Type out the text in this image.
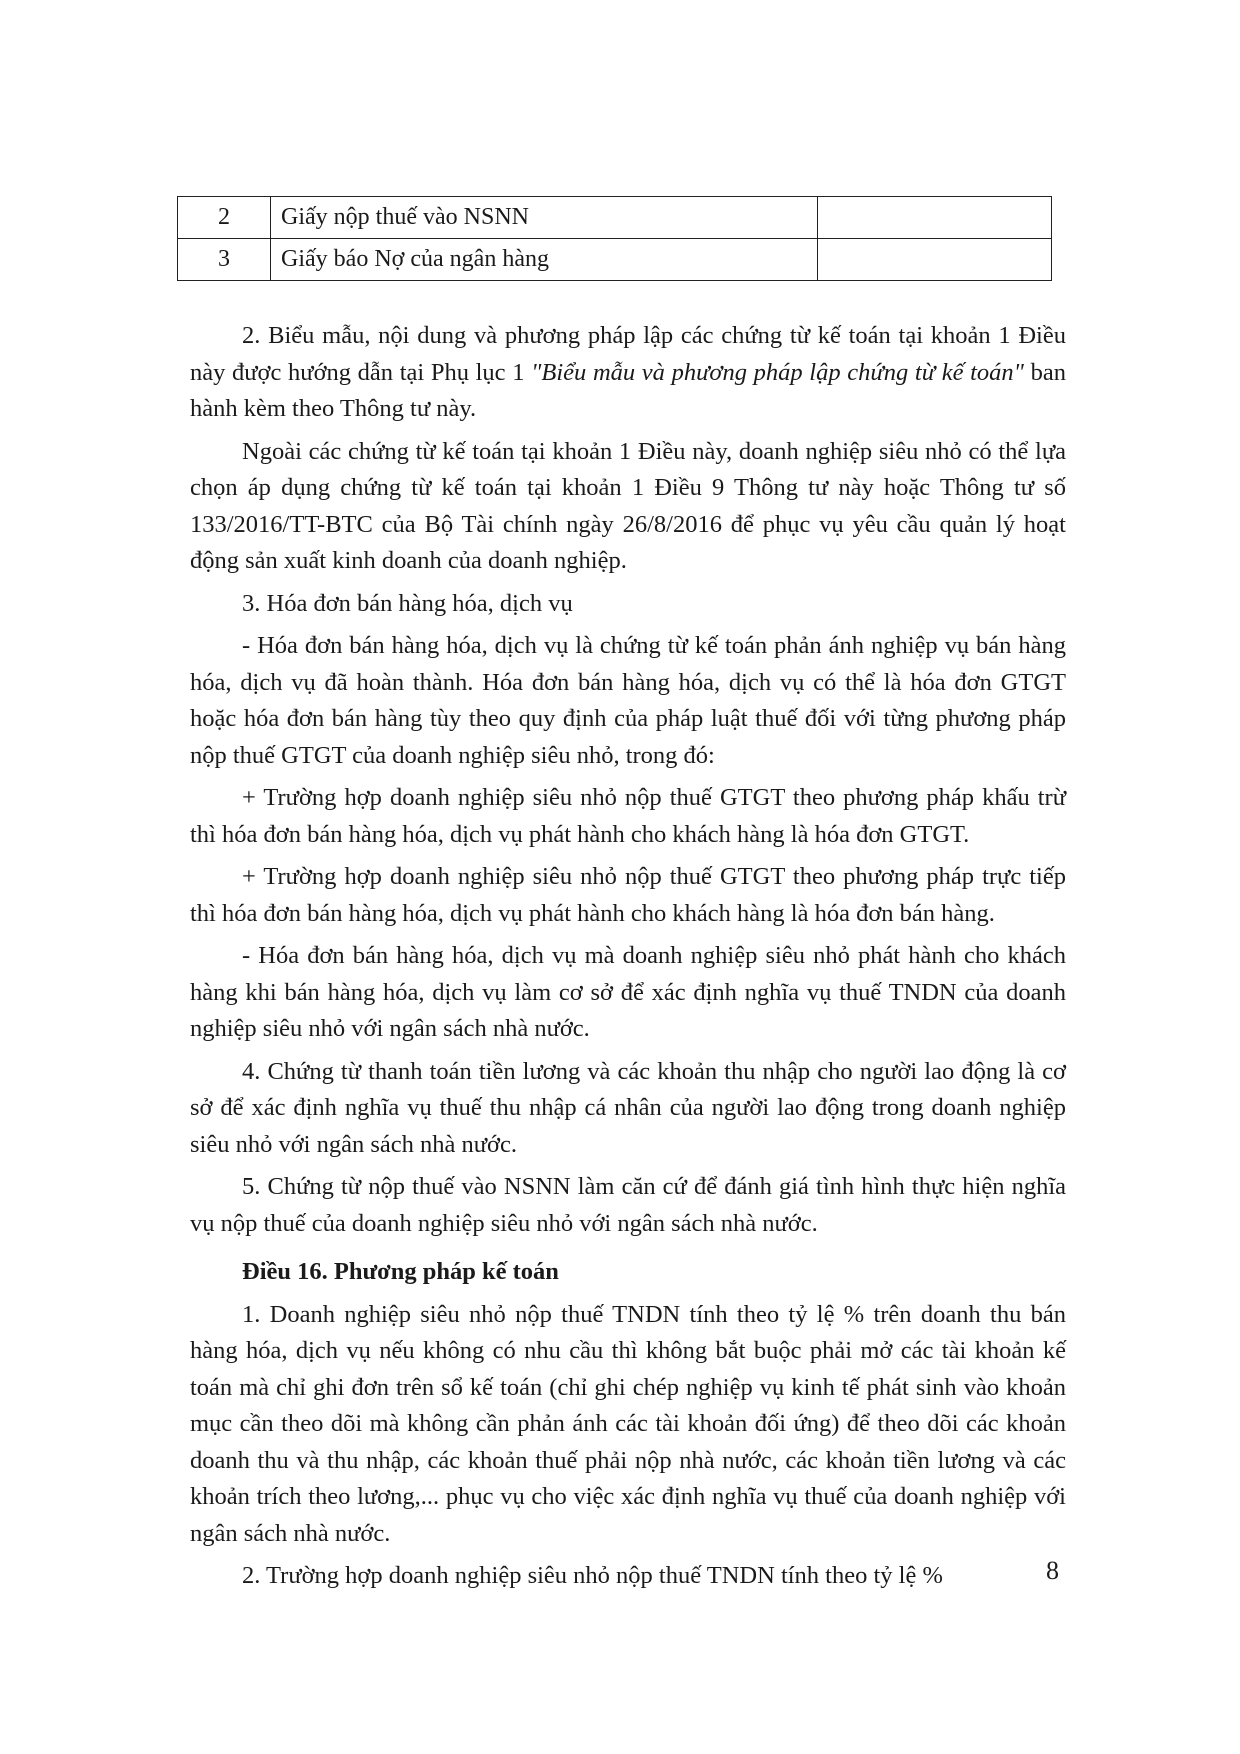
2	Giấy nộp thuế vào NSNN	
3	Giấy báo Nợ của ngân hàng	

2. Biểu mẫu, nội dung và phương pháp lập các chứng từ kế toán tại khoản 1 Điều này được hướng dẫn tại Phụ lục 1 "Biểu mẫu và phương pháp lập chứng từ kế toán" ban hành kèm theo Thông tư này.

Ngoài các chứng từ kế toán tại khoản 1 Điều này, doanh nghiệp siêu nhỏ có thể lựa chọn áp dụng chứng từ kế toán tại khoản 1 Điều 9 Thông tư này hoặc Thông tư số 133/2016/TT-BTC của Bộ Tài chính ngày 26/8/2016 để phục vụ yêu cầu quản lý hoạt động sản xuất kinh doanh của doanh nghiệp.

3. Hóa đơn bán hàng hóa, dịch vụ

- Hóa đơn bán hàng hóa, dịch vụ là chứng từ kế toán phản ánh nghiệp vụ bán hàng hóa, dịch vụ đã hoàn thành. Hóa đơn bán hàng hóa, dịch vụ có thể là hóa đơn GTGT hoặc hóa đơn bán hàng tùy theo quy định của pháp luật thuế đối với từng phương pháp nộp thuế GTGT của doanh nghiệp siêu nhỏ, trong đó:

+ Trường hợp doanh nghiệp siêu nhỏ nộp thuế GTGT theo phương pháp khấu trừ thì hóa đơn bán hàng hóa, dịch vụ phát hành cho khách hàng là hóa đơn GTGT.

+ Trường hợp doanh nghiệp siêu nhỏ nộp thuế GTGT theo phương pháp trực tiếp thì hóa đơn bán hàng hóa, dịch vụ phát hành cho khách hàng là hóa đơn bán hàng.

- Hóa đơn bán hàng hóa, dịch vụ mà doanh nghiệp siêu nhỏ phát hành cho khách hàng khi bán hàng hóa, dịch vụ làm cơ sở để xác định nghĩa vụ thuế TNDN của doanh nghiệp siêu nhỏ với ngân sách nhà nước.

4. Chứng từ thanh toán tiền lương và các khoản thu nhập cho người lao động là cơ sở để xác định nghĩa vụ thuế thu nhập cá nhân của người lao động trong doanh nghiệp siêu nhỏ với ngân sách nhà nước.

5. Chứng từ nộp thuế vào NSNN làm căn cứ để đánh giá tình hình thực hiện nghĩa vụ nộp thuế của doanh nghiệp siêu nhỏ với ngân sách nhà nước.

Điều 16. Phương pháp kế toán

1. Doanh nghiệp siêu nhỏ nộp thuế TNDN tính theo tỷ lệ % trên doanh thu bán hàng hóa, dịch vụ nếu không có nhu cầu thì không bắt buộc phải mở các tài khoản kế toán mà chỉ ghi đơn trên sổ kế toán (chỉ ghi chép nghiệp vụ kinh tế phát sinh vào khoản mục cần theo dõi mà không cần phản ánh các tài khoản đối ứng) để theo dõi các khoản doanh thu và thu nhập, các khoản thuế phải nộp nhà nước, các khoản tiền lương và các khoản trích theo lương,... phục vụ cho việc xác định nghĩa vụ thuế của doanh nghiệp với ngân sách nhà nước.

2. Trường hợp doanh nghiệp siêu nhỏ nộp thuế TNDN tính theo tỷ lệ %	8
